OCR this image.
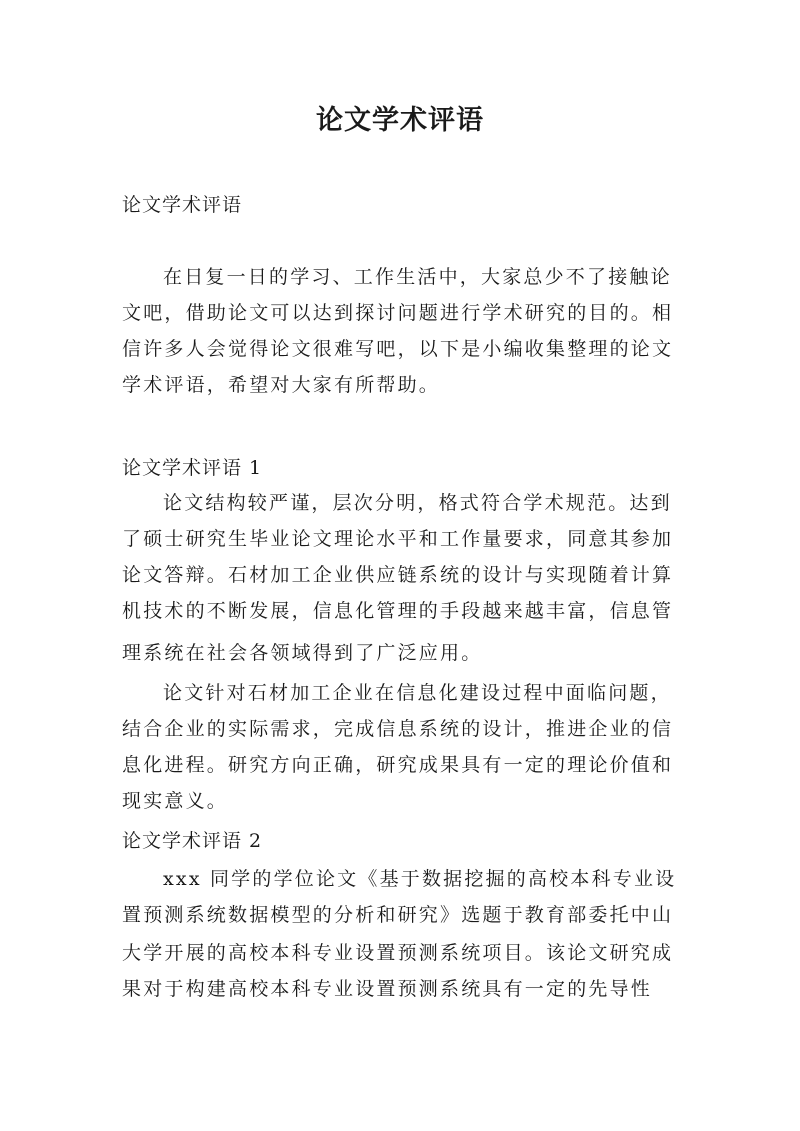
论文学术评语
论文学术评语
在日复一日的学习、工作生活中，大家总少不了接触论
文吧，借助论文可以达到探讨问题进行学术研究的目的。相
信许多人会觉得论文很难写吧，以下是小编收集整理的论文
学术评语，希望对大家有所帮助。
论文学术评语 1
论文结构较严谨，层次分明，格式符合学术规范。达到
了硕士研究生毕业论文理论水平和工作量要求，同意其参加
论文答辩。石材加工企业供应链系统的设计与实现随着计算
机技术的不断发展，信息化管理的手段越来越丰富，信息管
理系统在社会各领域得到了广泛应用。
论文针对石材加工企业在信息化建设过程中面临问题，
结合企业的实际需求，完成信息系统的设计，推进企业的信
息化进程。研究方向正确，研究成果具有一定的理论价值和
现实意义。
论文学术评语 2
xxx 同学的学位论文《基于数据挖掘的高校本科专业设
置预测系统数据模型的分析和研究》选题于教育部委托中山
大学开展的高校本科专业设置预测系统项目。该论文研究成
果对于构建高校本科专业设置预测系统具有一定的先导性
